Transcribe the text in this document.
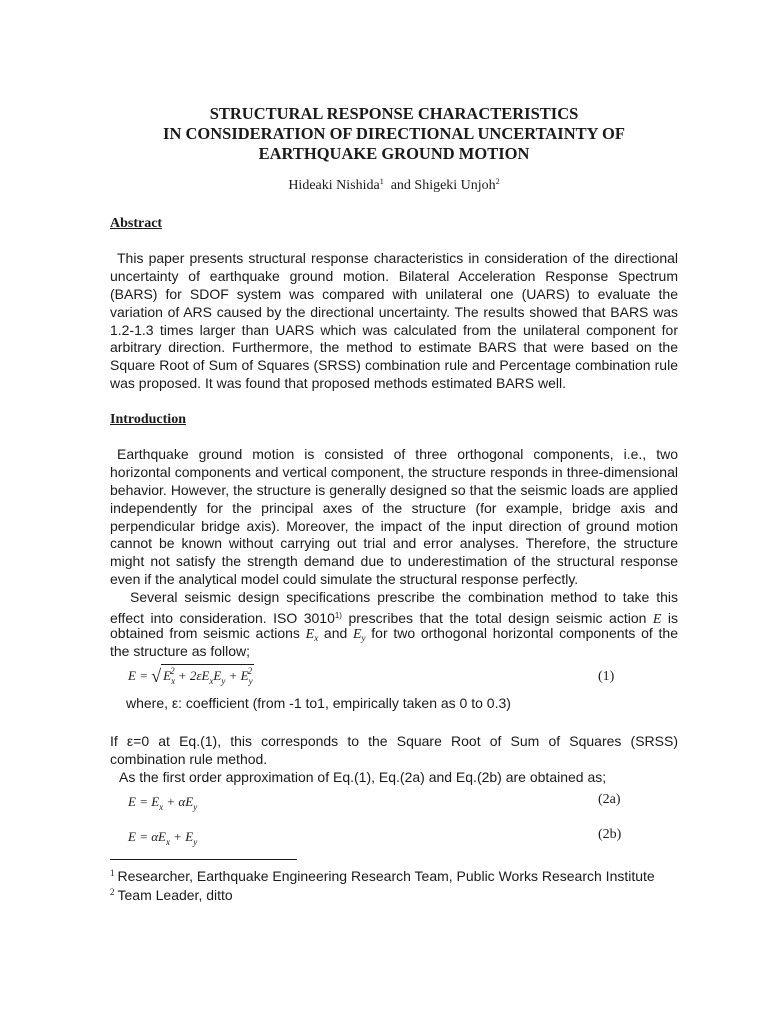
STRUCTURAL RESPONSE CHARACTERISTICS
IN CONSIDERATION OF DIRECTIONAL UNCERTAINTY OF
EARTHQUAKE GROUND MOTION
Hideaki Nishida$^1$ and Shigeki Unjoh$^2$
Abstract
This paper presents structural response characteristics in consideration of the directional
uncertainty of earthquake ground motion. Bilateral Acceleration Response Spectrum
(BARS) for SDOF system was compared with unilateral one (UARS) to evaluate the
variation of ARS caused by the directional uncertainty. The results showed that BARS was
1.2-1.3 times larger than UARS which was calculated from the unilateral component for
arbitrary direction. Furthermore, the method to estimate BARS that were based on the
Square Root of Sum of Squares (SRSS) combination rule and Percentage combination rule
was proposed. It was found that proposed methods estimated BARS well.
Introduction
Earthquake ground motion is consisted of three orthogonal components, i.e., two
horizontal components and vertical component, the structure responds in three-dimensional
behavior. However, the structure is generally designed so that the seismic loads are applied
independently for the principal axes of the structure (for example, bridge axis and
perpendicular bridge axis). Moreover, the impact of the input direction of ground motion
cannot be known without carrying out trial and error analyses. Therefore, the structure
might not satisfy the strength demand due to underestimation of the structural response
even if the analytical model could simulate the structural response perfectly.
Several seismic design specifications prescribe the combination method to take this
effect into consideration. ISO 3010$^{1)}$ prescribes that the total design seismic action E is
obtained from seismic actions $E_x$ and $E_y$ for two orthogonal horizontal components of the
the structure as follow;
E = √ $E_x^2 + 2\varepsilon E_xE_y + E_y^2$	(1)
where, ε: coefficient (from -1 to1, empirically taken as 0 to 0.3)
If ε=0 at Eq.(1), this corresponds to the Square Root of Sum of Squares (SRSS)
combination rule method.
As the first order approximation of Eq.(1), Eq.(2a) and Eq.(2b) are obtained as;
$E = E_x + \alpha E_y$	(2a)
$E = \alpha E_x + E_y$	(2b)
$^1$ Researcher, Earthquake Engineering Research Team, Public Works Research Institute
$^2$ Team Leader, ditto
